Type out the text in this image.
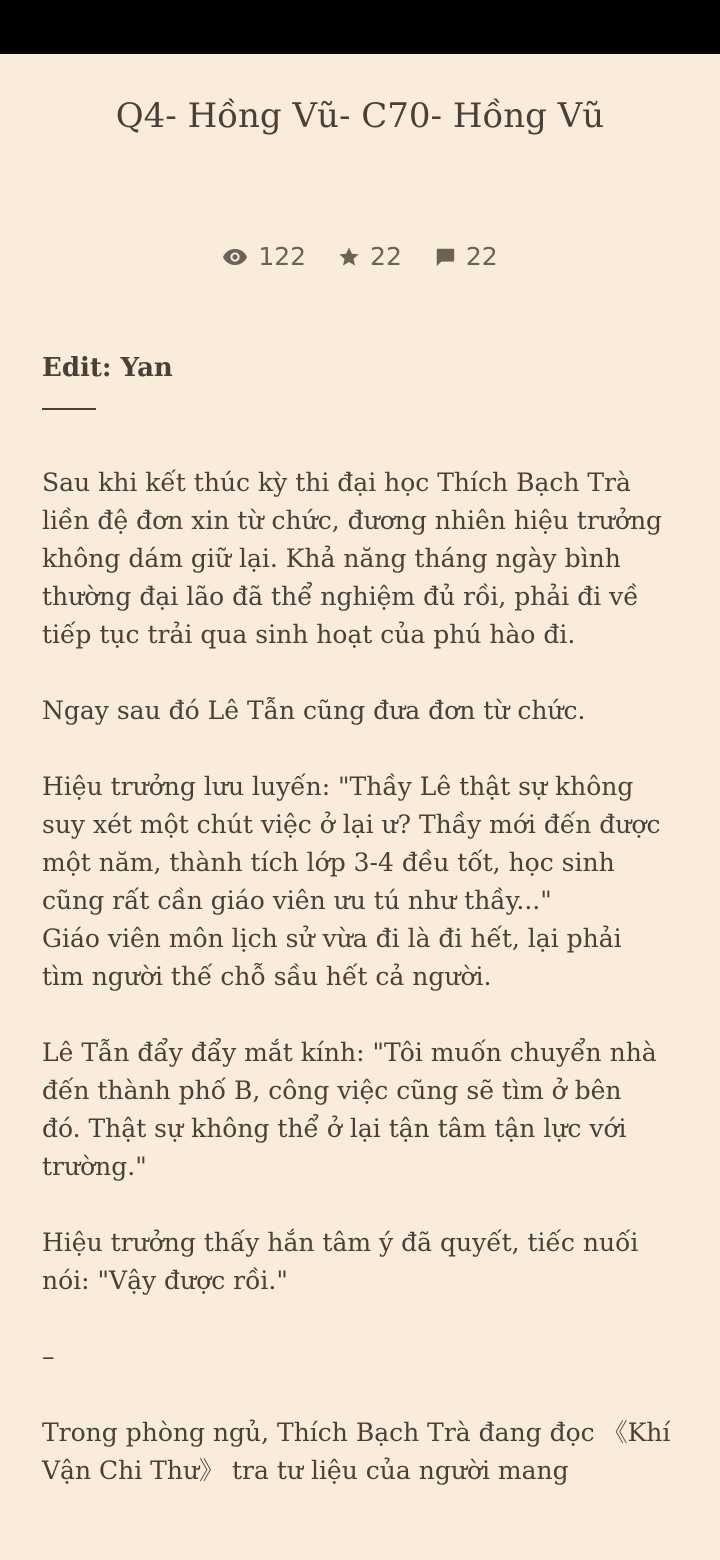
Q4- Hồng Vũ- C70- Hồng Vũ
122	22	22
Edit: Yan

Sau khi kết thúc kỳ thi đại học Thích Bạch Trà
liền đệ đơn xin từ chức, đương nhiên hiệu trưởng
không dám giữ lại. Khả năng tháng ngày bình
thường đại lão đã thể nghiệm đủ rồi, phải đi về
tiếp tục trải qua sinh hoạt của phú hào đi.

Ngay sau đó Lê Tẫn cũng đưa đơn từ chức.

Hiệu trưởng lưu luyến: "Thầy Lê thật sự không
suy xét một chút việc ở lại ư? Thầy mới đến được
một năm, thành tích lớp 3-4 đều tốt, học sinh
cũng rất cần giáo viên ưu tú như thầy..."

Giáo viên môn lịch sử vừa đi là đi hết, lại phải
tìm người thế chỗ sầu hết cả người.

Lê Tẫn đẩy đẩy mắt kính: "Tôi muốn chuyển nhà
đến thành phố B, công việc cũng sẽ tìm ở bên
đó. Thật sự không thể ở lại tận tâm tận lực với
trường."

Hiệu trưởng thấy hắn tâm ý đã quyết, tiếc nuối
nói: "Vậy được rồi."

–

Trong phòng ngủ, Thích Bạch Trà đang đọc 《Khí
Vận Chi Thư》 tra tư liệu của người mang
